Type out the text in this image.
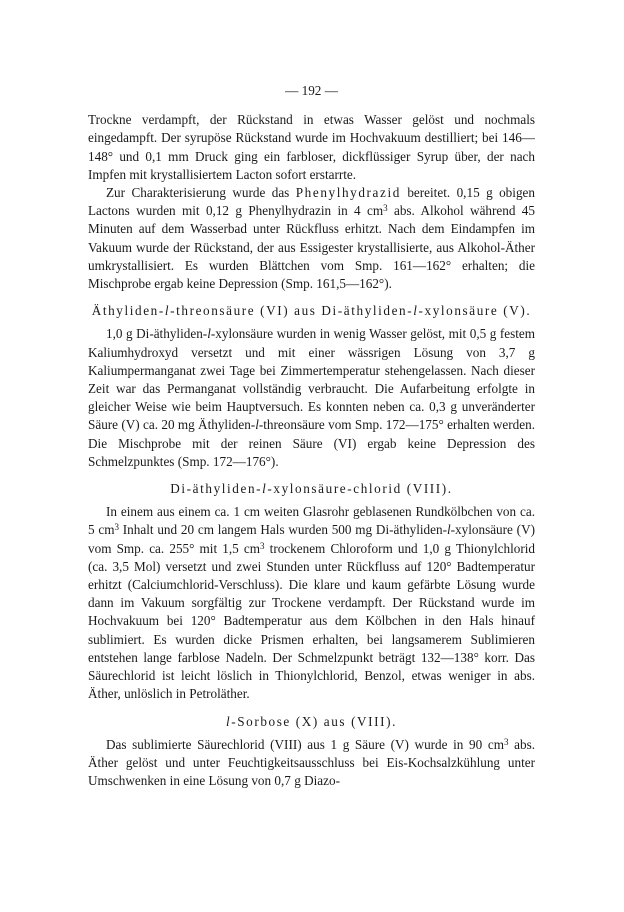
— 192 —

Trockne verdampft, der Rückstand in etwas Wasser gelöst und nochmals eingedampft. Der syrupöse Rückstand wurde im Hochvakuum destilliert; bei 146—148° und 0,1 mm Druck ging ein farbloser, dickflüssiger Syrup über, der nach Impfen mit krystallisiertem Lacton sofort erstarrte.

Zur Charakterisierung wurde das Phenylhydrazid bereitet. 0,15 g obigen Lactons wurden mit 0,12 g Phenylhydrazin in 4 $cm^3$ abs. Alkohol während 45 Minuten auf dem Wasserbad unter Rückfluss erhitzt. Nach dem Eindampfen im Vakuum wurde der Rückstand, der aus Essigester krystallisierte, aus Alkohol-Äther umkrystallisiert. Es wurden Blättchen vom Smp. 161—162° erhalten; die Mischprobe ergab keine Depression (Smp. 161,5—162°).

Äthyliden-l-threonsäure (VI) aus Di-äthyliden-l-xylonsäure (V).

1,0 g Di-äthyliden-l-xylonsäure wurden in wenig Wasser gelöst, mit 0,5 g festem Kaliumhydroxyd versetzt und mit einer wässrigen Lösung von 3,7 g Kaliumpermanganat zwei Tage bei Zimmertemperatur stehengelassen. Nach dieser Zeit war das Permanganat vollständig verbraucht. Die Aufarbeitung erfolgte in gleicher Weise wie beim Hauptversuch. Es konnten neben ca. 0,3 g unveränderter Säure (V) ca. 20 mg Äthyliden-l-threonsäure vom Smp. 172—175° erhalten werden. Die Mischprobe mit der reinen Säure (VI) ergab keine Depression des Schmelzpunktes (Smp. 172—176°).

Di-äthyliden-l-xylonsäure-chlorid (VIII).

In einem aus einem ca. 1 cm weiten Glasrohr geblasenen Rundkölbchen von ca. 5 $cm^3$ Inhalt und 20 cm langem Hals wurden 500 mg Di-äthyliden-l-xylonsäure (V) vom Smp. ca. 255° mit 1,5 $cm^3$ trockenem Chloroform und 1,0 g Thionylchlorid (ca. 3,5 Mol) versetzt und zwei Stunden unter Rückfluss auf 120° Badtemperatur erhitzt (Calciumchlorid-Verschluss). Die klare und kaum gefärbte Lösung wurde dann im Vakuum sorgfältig zur Trockene verdampft. Der Rückstand wurde im Hochvakuum bei 120° Badtemperatur aus dem Kölbchen in den Hals hinauf sublimiert. Es wurden dicke Prismen erhalten, bei langsamerem Sublimieren entstehen lange farblose Nadeln. Der Schmelzpunkt beträgt 132—138° korr. Das Säurechlorid ist leicht löslich in Thionylchlorid, Benzol, etwas weniger in abs. Äther, unlöslich in Petroläther.

l-Sorbose (X) aus (VIII).

Das sublimierte Säurechlorid (VIII) aus 1 g Säure (V) wurde in 90 $cm^3$ abs. Äther gelöst und unter Feuchtigkeitsausschluss bei Eis-Kochsalzkühlung unter Umschwenken in eine Lösung von 0,7 g Diazo-
